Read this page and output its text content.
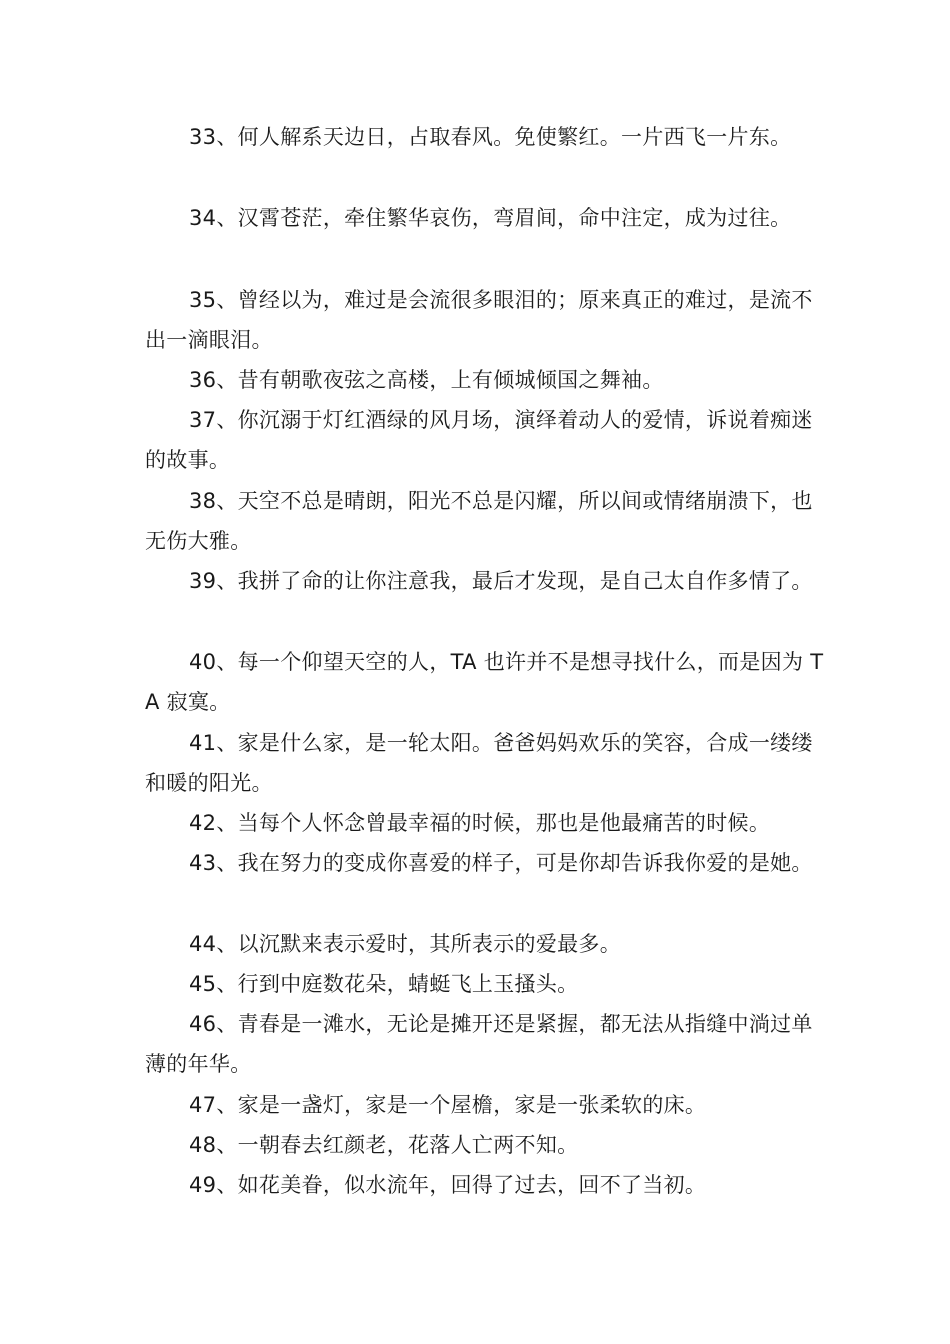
33、何人解系天边日，占取春风。免使繁红。一片西飞一片东。

34、汉霄苍茫，牵住繁华哀伤，弯眉间，命中注定，成为过往。

35、曾经以为，难过是会流很多眼泪的；原来真正的难过，是流不出一滴眼泪。

36、昔有朝歌夜弦之高楼，上有倾城倾国之舞袖。

37、你沉溺于灯红酒绿的风月场，演绎着动人的爱情，诉说着痴迷的故事。

38、天空不总是晴朗，阳光不总是闪耀，所以间或情绪崩溃下，也无伤大雅。

39、我拼了命的让你注意我，最后才发现，是自己太自作多情了。

40、每一个仰望天空的人，TA 也许并不是想寻找什么，而是因为 TA 寂寞。

41、家是什么家，是一轮太阳。爸爸妈妈欢乐的笑容，合成一缕缕和暖的阳光。

42、当每个人怀念曾最幸福的时候，那也是他最痛苦的时候。

43、我在努力的变成你喜爱的样子，可是你却告诉我你爱的是她。

44、以沉默来表示爱时，其所表示的爱最多。

45、行到中庭数花朵，蜻蜓飞上玉搔头。

46、青春是一滩水，无论是摊开还是紧握，都无法从指缝中淌过单薄的年华。

47、家是一盏灯，家是一个屋檐，家是一张柔软的床。

48、一朝春去红颜老，花落人亡两不知。

49、如花美眷，似水流年，回得了过去，回不了当初。
